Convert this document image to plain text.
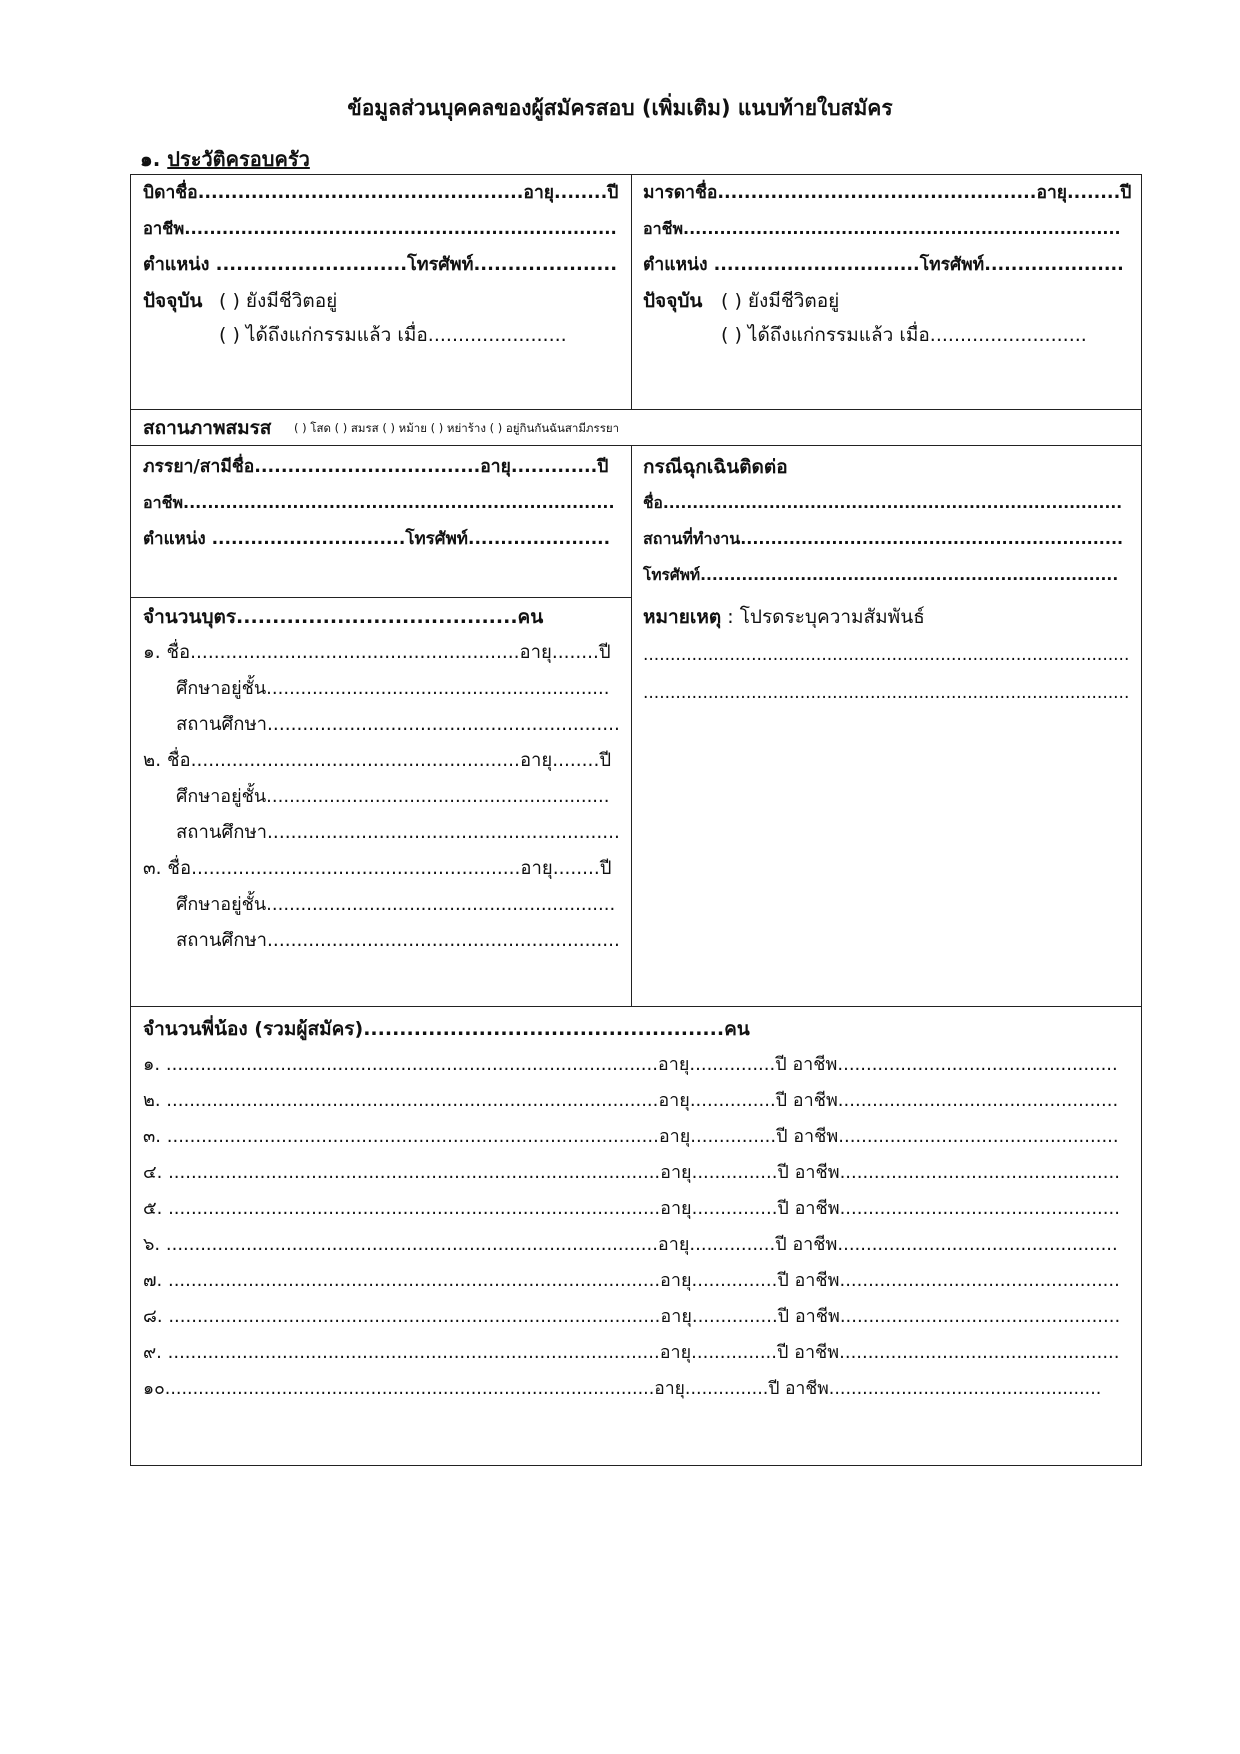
ข้อมูลส่วนบุคคลของผู้สมัครสอบ (เพิ่มเติม) แนบท้ายใบสมัคร
๑. ประวัติครอบครัว
บิดาชื่อ.................................................อายุ........ปี
อาชีพ.....................................................................
ตำแหน่ง ............................โทรศัพท์.....................
ปัจจุบัน ( ) ยังมีชีวิตอยู่
( ) ได้ถึงแก่กรรมแล้ว เมื่อ.......................
มารดาชื่อ................................................อายุ........ปี
อาชีพ........................................................................
ตำแหน่ง ...............................โทรศัพท์.....................
ปัจจุบัน ( ) ยังมีชีวิตอยู่
( ) ได้ถึงแก่กรรมแล้ว เมื่อ..........................
สถานภาพสมรส ( ) โสด ( ) สมรส ( ) หม้าย ( ) หย่าร้าง ( ) อยู่กินกันฉันสามีภรรยา
ภรรยา/สามีชื่อ..................................อายุ.............ปี
อาชีพ.......................................................................
ตำแหน่ง ..............................โทรศัพท์......................
กรณีฉุกเฉินติดต่อ
ชื่อ..............................................................................
สถานที่ทำงาน...............................................................
โทรศัพท์.......................................................................
จำนวนบุตร.......................................คน
๑. ชื่อ........................................................อายุ........ปี
ศึกษาอยู่ชั้น............................................................
สถานศึกษา............................................................
๒. ชื่อ........................................................อายุ........ปี
ศึกษาอยู่ชั้น............................................................
สถานศึกษา............................................................
๓. ชื่อ........................................................อายุ........ปี
ศึกษาอยู่ชั้น.............................................................
สถานศึกษา............................................................
หมายเหตุ : โปรดระบุความสัมพันธ์
..........................................................................................
..........................................................................................
จำนวนพี่น้อง (รวมผู้สมัคร)..................................................คน
๑. ......................................................................................อายุ...............ปี อาชีพ.................................................
๒. ......................................................................................อายุ...............ปี อาชีพ.................................................
๓. ......................................................................................อายุ...............ปี อาชีพ.................................................
๔. ......................................................................................อายุ...............ปี อาชีพ.................................................
๕. ......................................................................................อายุ...............ปี อาชีพ.................................................
๖. ......................................................................................อายุ...............ปี อาชีพ.................................................
๗. ......................................................................................อายุ...............ปี อาชีพ.................................................
๘. ......................................................................................อายุ...............ปี อาชีพ.................................................
๙. ......................................................................................อายุ...............ปี อาชีพ.................................................
๑๐........................................................................................อายุ...............ปี อาชีพ.................................................
